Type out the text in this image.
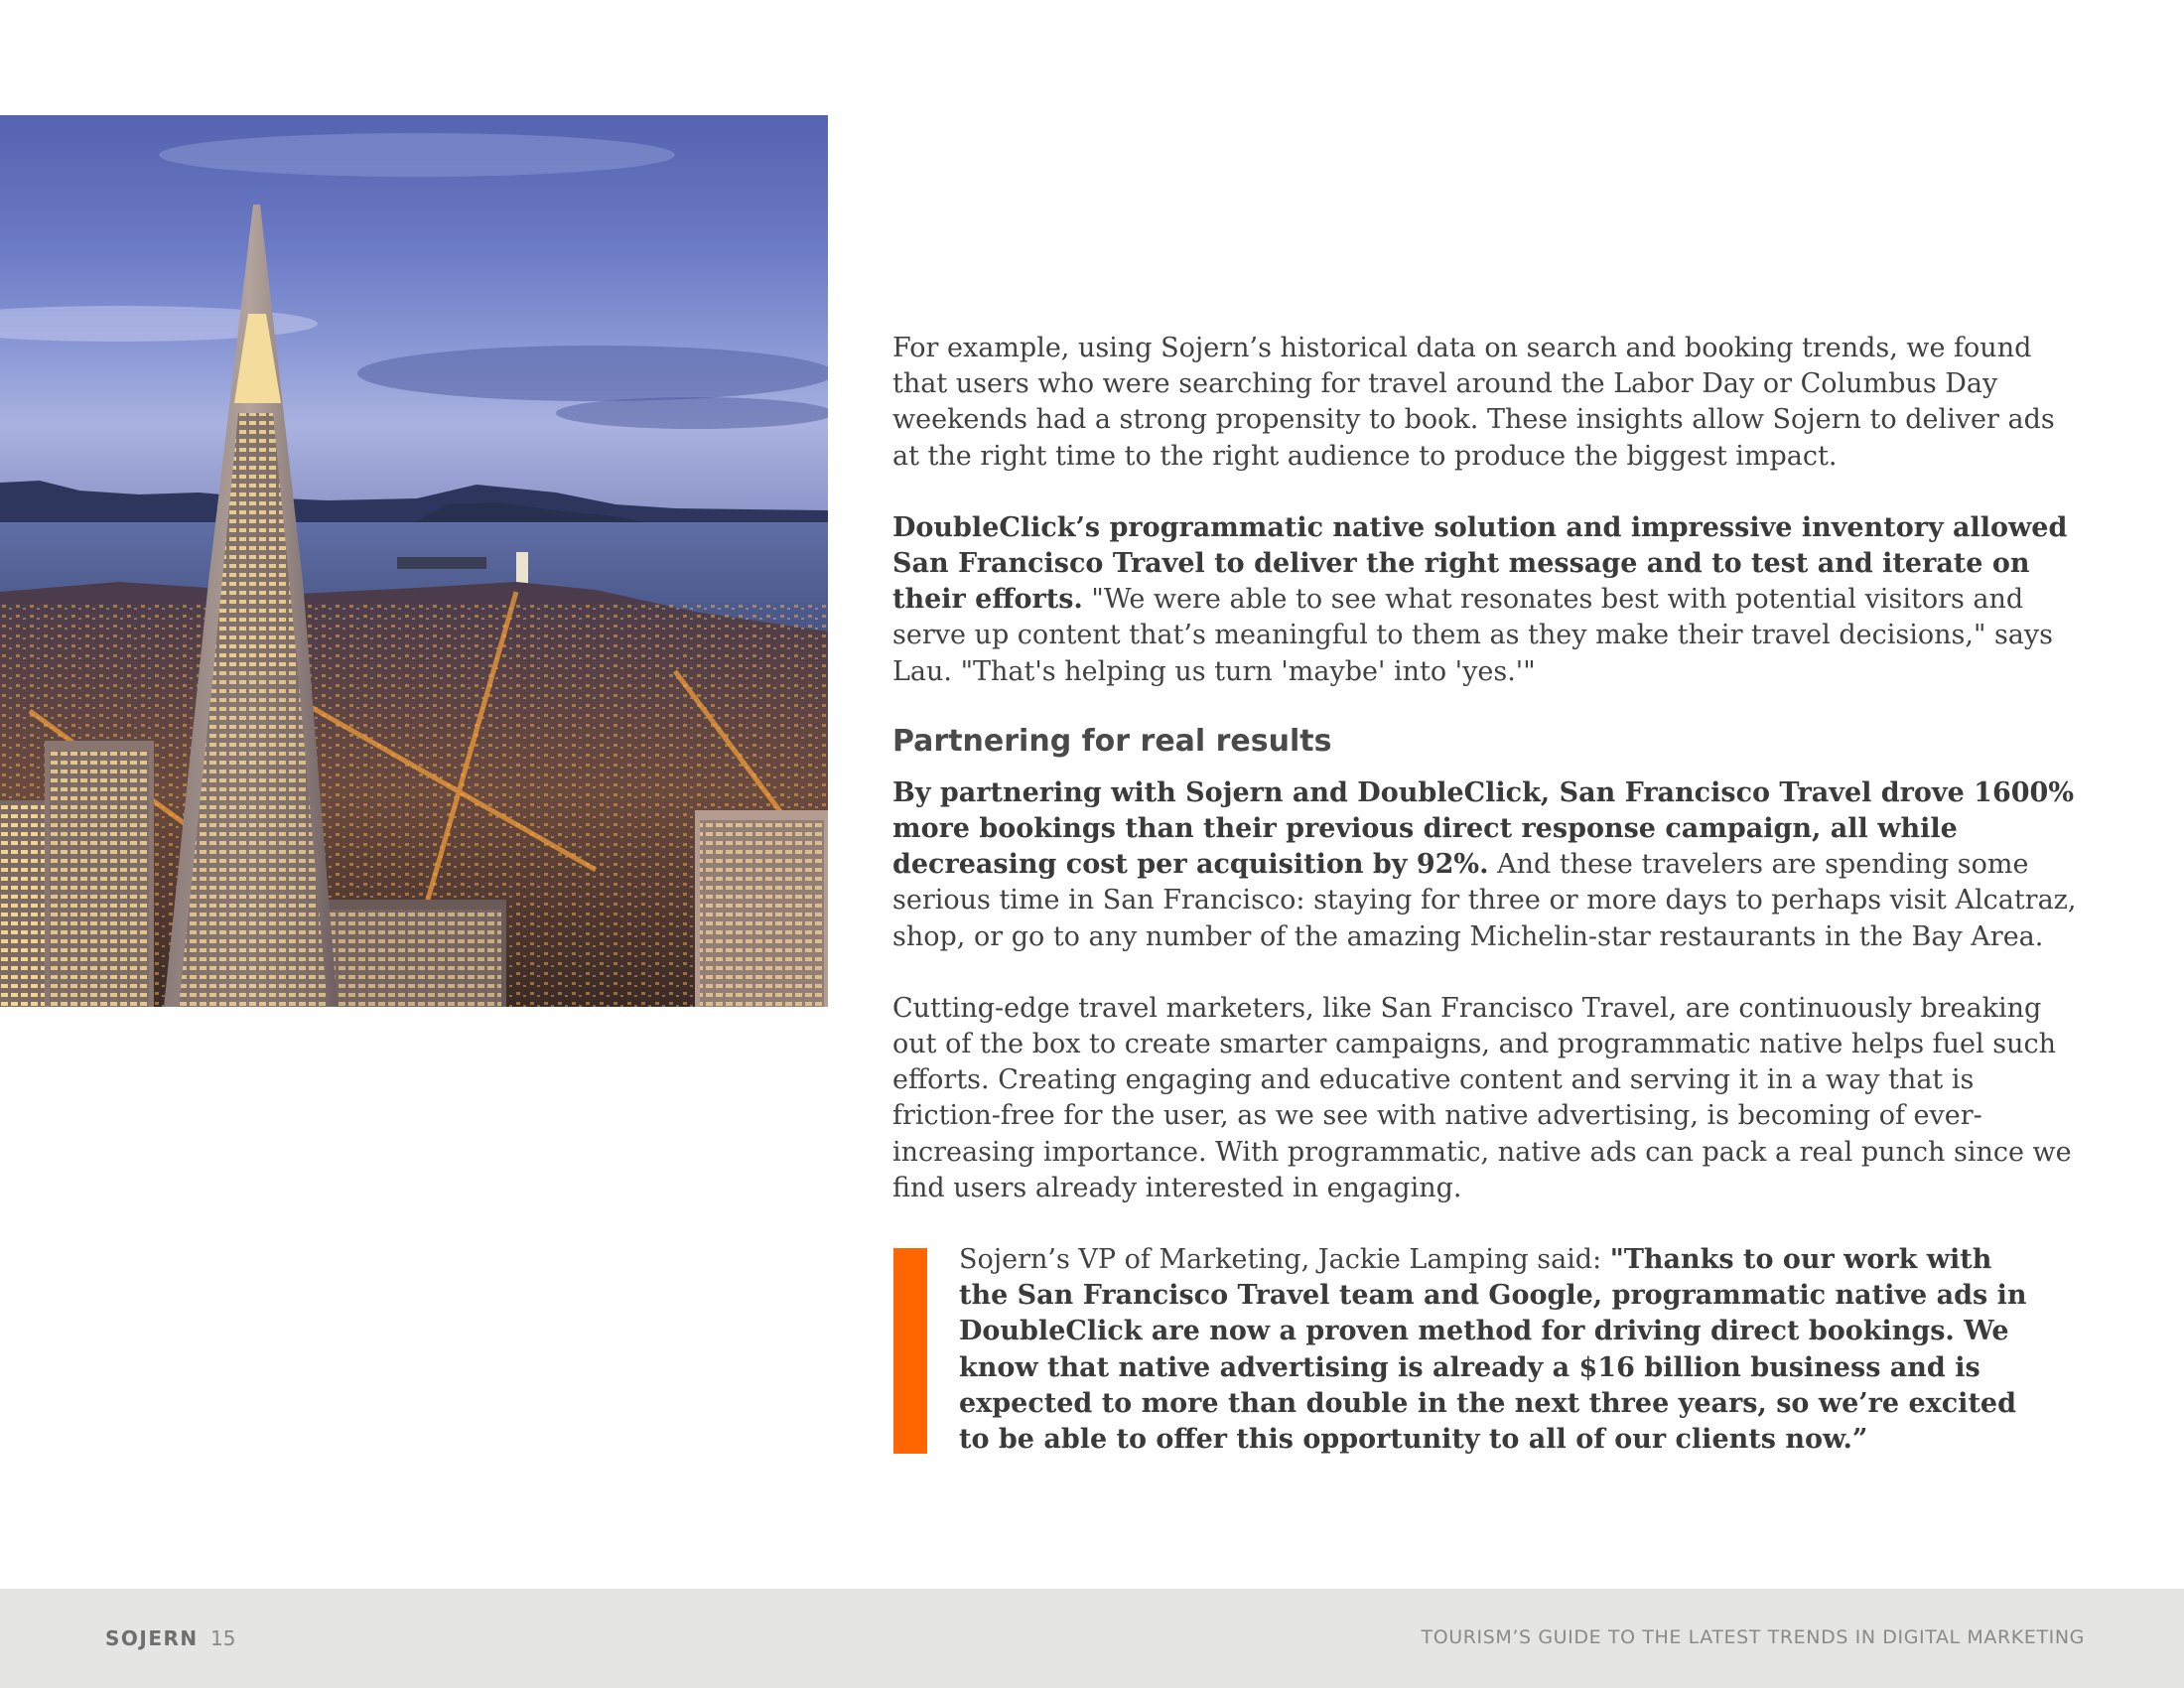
For example, using Sojern’s historical data on search and booking trends, we found that users who were searching for travel around the Labor Day or Columbus Day weekends had a strong propensity to book. These insights allow Sojern to deliver ads at the right time to the right audience to produce the biggest impact.

DoubleClick’s programmatic native solution and impressive inventory allowed San Francisco Travel to deliver the right message and to test and iterate on their efforts. "We were able to see what resonates best with potential visitors and serve up content that’s meaningful to them as they make their travel decisions," says Lau. "That's helping us turn 'maybe' into 'yes.'"

Partnering for real results

By partnering with Sojern and DoubleClick, San Francisco Travel drove 1600% more bookings than their previous direct response campaign, all while decreasing cost per acquisition by 92%. And these travelers are spending some serious time in San Francisco: staying for three or more days to perhaps visit Alcatraz, shop, or go to any number of the amazing Michelin-star restaurants in the Bay Area.

Cutting-edge travel marketers, like San Francisco Travel, are continuously breaking out of the box to create smarter campaigns, and programmatic native helps fuel such efforts. Creating engaging and educative content and serving it in a way that is friction-free for the user, as we see with native advertising, is becoming of ever-increasing importance. With programmatic, native ads can pack a real punch since we find users already interested in engaging.

Sojern’s VP of Marketing, Jackie Lamping said: "Thanks to our work with the San Francisco Travel team and Google, programmatic native ads in DoubleClick are now a proven method for driving direct bookings. We know that native advertising is already a $16 billion business and is expected to more than double in the next three years, so we’re excited to be able to offer this opportunity to all of our clients now.”
SOJERN 15	TOURISM’S GUIDE TO THE LATEST TRENDS IN DIGITAL MARKETING
